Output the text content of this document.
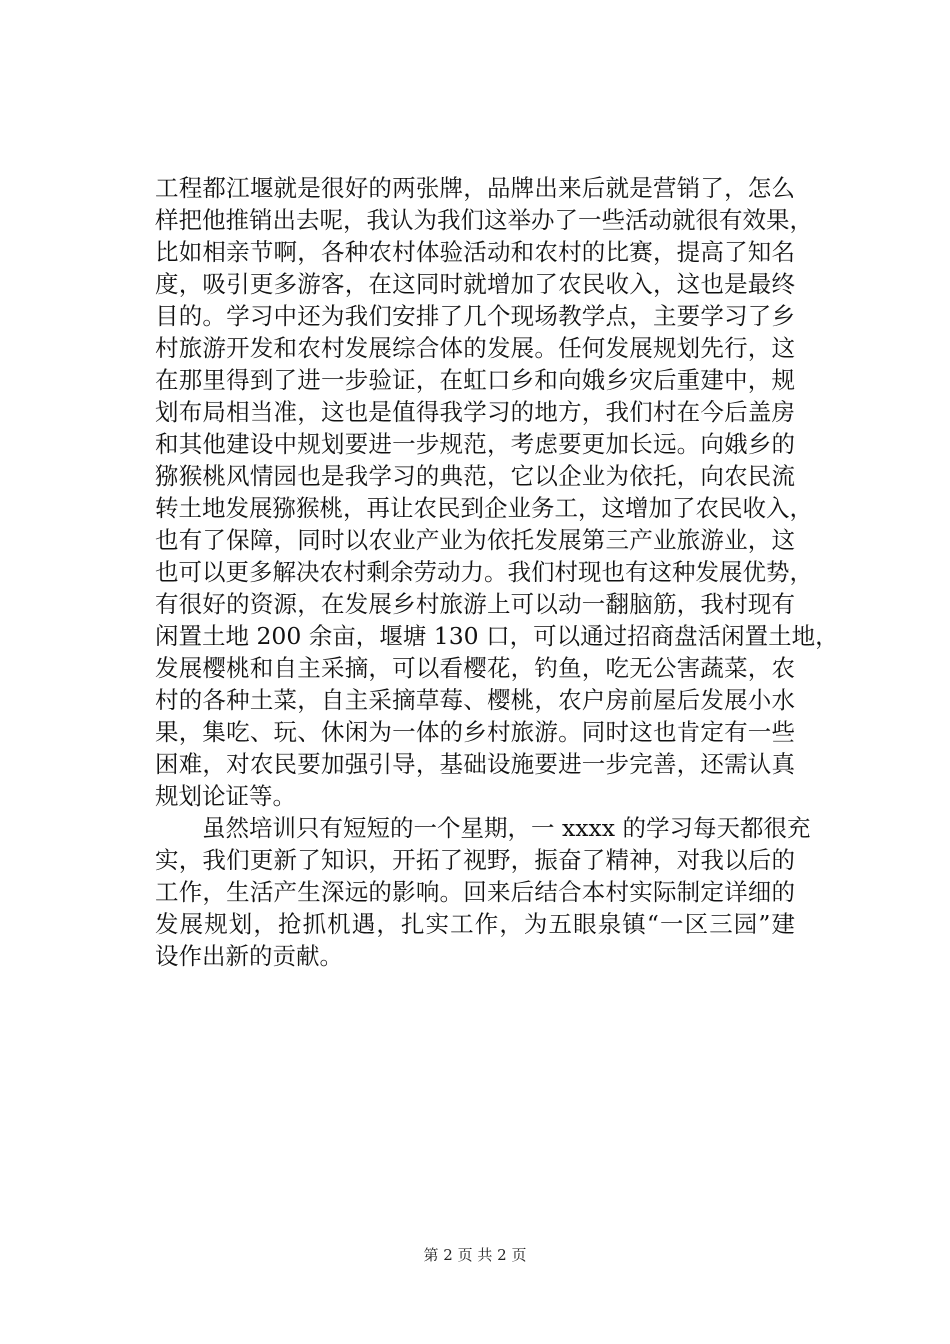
工程都江堰就是很好的两张牌，品牌出来后就是营销了，怎么
样把他推销出去呢，我认为我们这举办了一些活动就很有效果，
比如相亲节啊，各种农村体验活动和农村的比赛，提高了知名
度，吸引更多游客，在这同时就增加了农民收入，这也是最终
目的。学习中还为我们安排了几个现场教学点，主要学习了乡
村旅游开发和农村发展综合体的发展。任何发展规划先行，这
在那里得到了进一步验证，在虹口乡和向娥乡灾后重建中，规
划布局相当准，这也是值得我学习的地方，我们村在今后盖房
和其他建设中规划要进一步规范，考虑要更加长远。向娥乡的
猕猴桃风情园也是我学习的典范，它以企业为依托，向农民流
转土地发展猕猴桃，再让农民到企业务工，这增加了农民收入，
也有了保障，同时以农业产业为依托发展第三产业旅游业，这
也可以更多解决农村剩余劳动力。我们村现也有这种发展优势，
有很好的资源，在发展乡村旅游上可以动一翻脑筋，我村现有
闲置土地 200 余亩，堰塘 130 口，可以通过招商盘活闲置土地，
发展樱桃和自主采摘，可以看樱花，钓鱼，吃无公害蔬菜，农
村的各种土菜，自主采摘草莓、樱桃，农户房前屋后发展小水
果，集吃、玩、休闲为一体的乡村旅游。同时这也肯定有一些
困难，对农民要加强引导，基础设施要进一步完善，还需认真
规划论证等。
　　虽然培训只有短短的一个星期，一 xxxx 的学习每天都很充
实，我们更新了知识，开拓了视野，振奋了精神，对我以后的
工作，生活产生深远的影响。回来后结合本村实际制定详细的
发展规划，抢抓机遇，扎实工作，为五眼泉镇“一区三园”建
设作出新的贡献。
第 2 页 共 2 页
